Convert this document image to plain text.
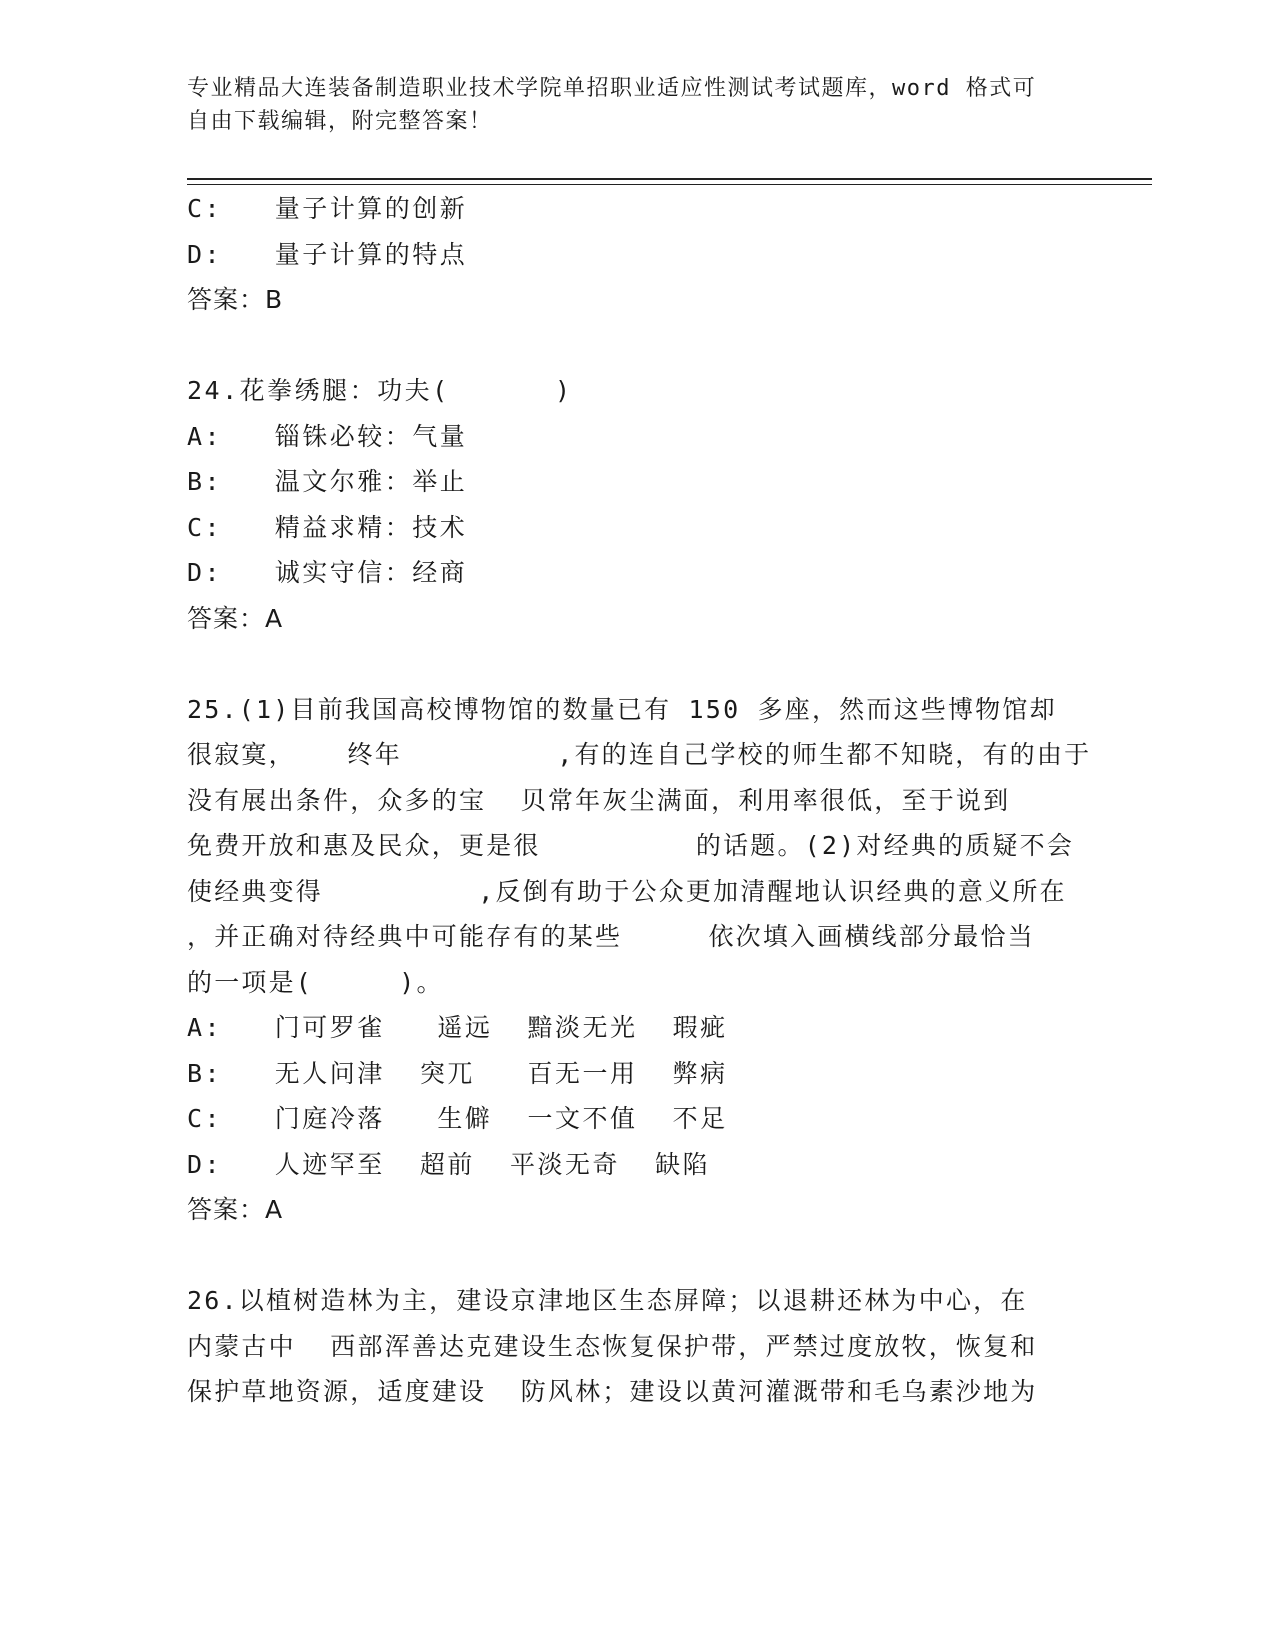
专业精品大连装备制造职业技术学院单招职业适应性测试考试题库，word 格式可
自由下载编辑，附完整答案！
C:   量子计算的创新
D:   量子计算的特点
答案：B
24.花拳绣腿：功夫(      )
A:   锱铢必较：气量
B:   温文尔雅：举止
C:   精益求精：技术
D:   诚实守信：经商
答案：A
25.(1)目前我国高校博物馆的数量已有 150 多座，然而这些博物馆却
很寂寞，   终年         ,有的连自己学校的师生都不知晓，有的由于
没有展出条件，众多的宝  贝常年灰尘满面，利用率很低，至于说到
免费开放和惠及民众，更是很         的话题。(2)对经典的质疑不会
使经典变得         ,反倒有助于公众更加清醒地认识经典的意义所在
，并正确对待经典中可能存有的某些     依次填入画横线部分最恰当
的一项是(     )。
A:   门可罗雀   遥远  黯淡无光  瑕疵
B:   无人问津  突兀   百无一用  弊病
C:   门庭冷落   生僻  一文不值  不足
D:   人迹罕至  超前  平淡无奇  缺陷
答案：A
26.以植树造林为主，建设京津地区生态屏障；以退耕还林为中心，在
内蒙古中  西部浑善达克建设生态恢复保护带，严禁过度放牧，恢复和
保护草地资源，适度建设  防风林；建设以黄河灌溉带和毛乌素沙地为
